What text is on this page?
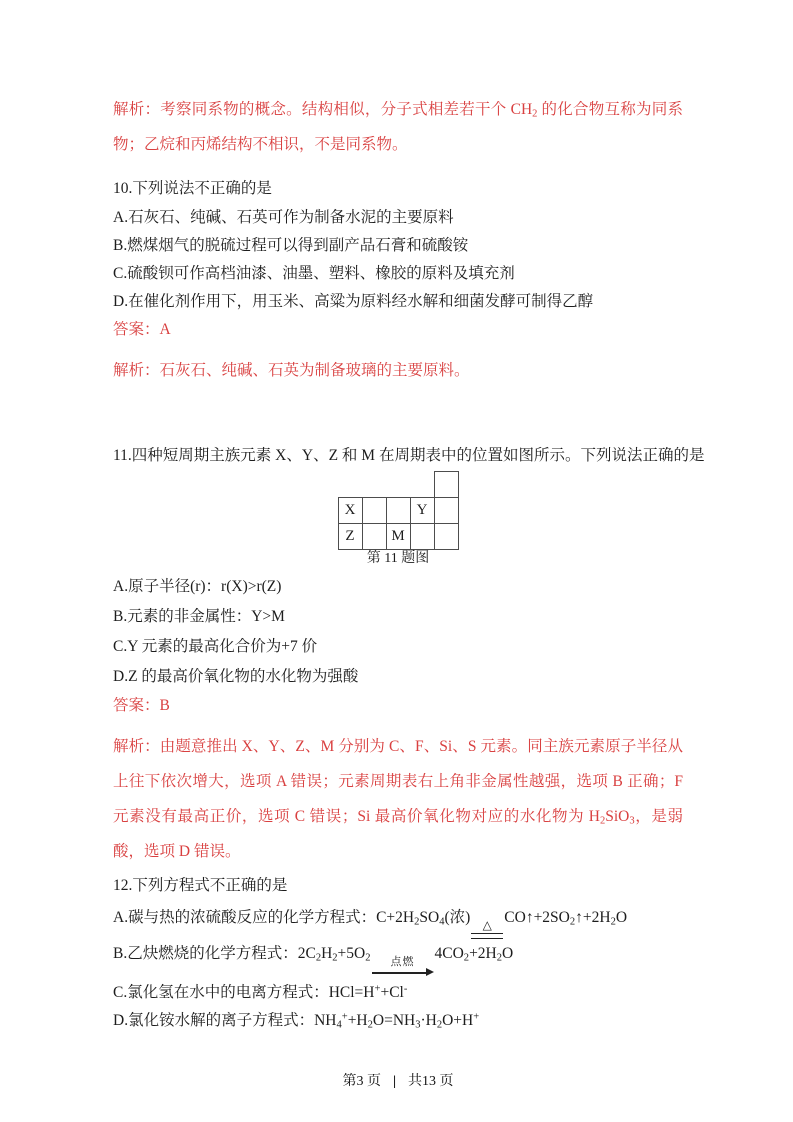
解析：考察同系物的概念。结构相似，分子式相差若干个 $CH_2$ 的化合物互称为同系物；乙烷和丙烯结构不相识，不是同系物。

10.下列说法不正确的是

A.石灰石、纯碱、石英可作为制备水泥的主要原料

B.燃煤烟气的脱硫过程可以得到副产品石膏和硫酸铵

C.硫酸钡可作高档油漆、油墨、塑料、橡胶的原料及填充剂

D.在催化剂作用下，用玉米、高粱为原料经水解和细菌发酵可制得乙醇

答案：A

解析：石灰石、纯碱、石英为制备玻璃的主要原料。

11.四种短周期主族元素 X、Y、Z 和 M 在周期表中的位置如图所示。下列说法正确的是

X			Y	
Z		M		

第 11 题图

A.原子半径(r)：r(X)>r(Z)

B.元素的非金属性：Y>M

C.Y 元素的最高化合价为+7 价

D.Z 的最高价氧化物的水化物为强酸

答案：B

解析：由题意推出 X、Y、Z、M 分别为 C、F、Si、S 元素。同主族元素原子半径从上往下依次增大，选项 A 错误；元素周期表右上角非金属性越强，选项 B 正确；F 元素没有最高正价，选项 C 错误；Si 最高价氧化物对应的水化物为 $H_2SiO_3$，是弱酸，选项 D 错误。

12.下列方程式不正确的是

A.碳与热的浓硫酸反应的化学方程式：$C+2H_2SO_4$(浓) △ $CO↑+2SO_2↑+2H_2O$

B.乙炔燃烧的化学方程式：$2C_2H_2+5O_2$ 点燃 $4CO_2+2H_2O$

C.氯化氢在水中的电离方程式：HCl=H++Cl-

D.氯化铵水解的离子方程式：$NH_4^++H_2O=NH_3\cdot H_2O+H^+$

第3 页 | 共13 页
